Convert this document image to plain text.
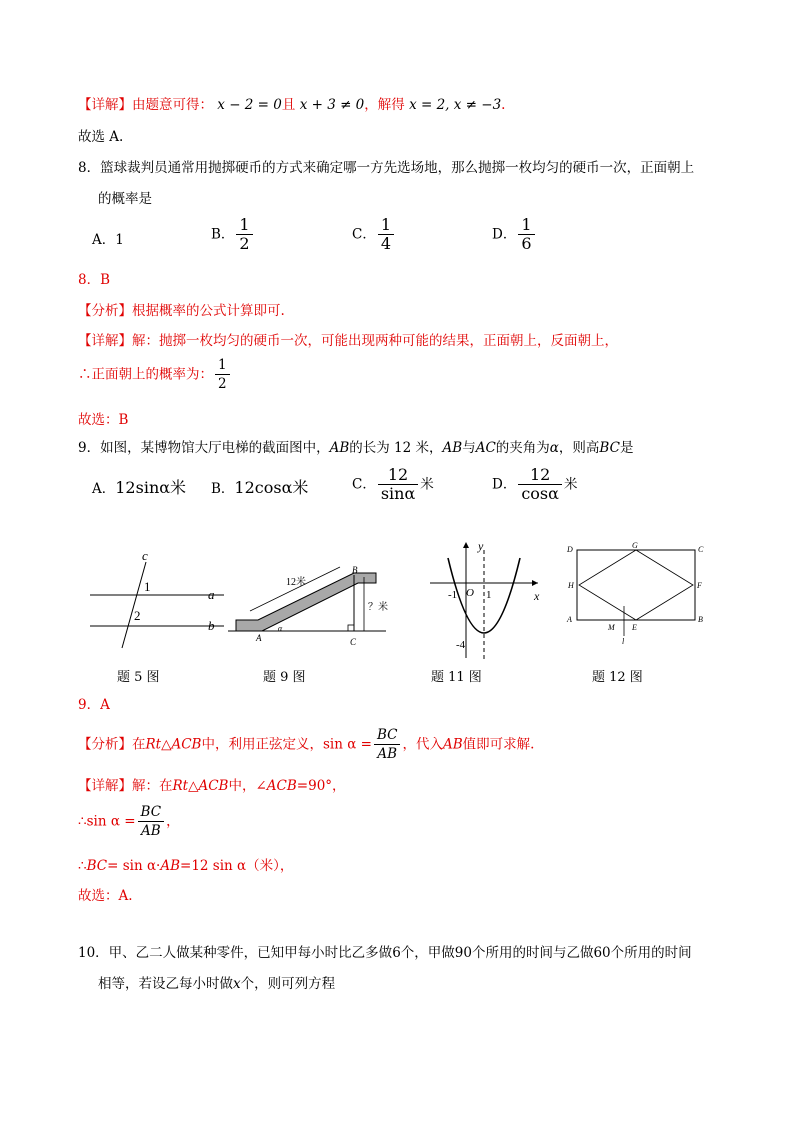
【详解】由题意可得： x − 2 = 0且 x + 3 ≠ 0，解得 x = 2, x ≠ −3.
故选 A.
8．篮球裁判员通常用抛掷硬币的方式来确定哪一方先选场地，那么抛掷一枚均匀的硬币一次，正面朝上
的概率是
A．1	B． $\frac{1}{2}$	C． $\frac{1}{4}$	D． $\frac{1}{6}$
8．B
【分析】根据概率的公式计算即可.
【详解】解：抛掷一枚均匀的硬币一次，可能出现两种可能的结果，正面朝上，反面朝上，
∴正面朝上的概率为： $\frac{1}{2}$
故选：B
9．如图，某博物馆大厅电梯的截面图中，AB的长为 12 米，AB与AC的夹角为α，则高BC是
A．12sinα米 B．12cosα米	C． $\frac{12}{\sin\alpha}$ 米	D． $\frac{12}{\cos\alpha}$ 米
c
1
2
a
b
题 5 图
12米
B
A	C
α
？米
题 9 图
y
x
-1 O 1
-4
题 11 图
D	G	C
H	F
A
M E
B
l
题 12 图
9．A
【分析】在Rt△ACB中，利用正弦定义，$\sin \alpha = \frac{BC}{AB}$ ，代入AB值即可求解.
【详解】解：在Rt△ACB中，∠ACB=90°，
∴sin $\alpha = \frac{BC}{AB}$ ，
∴BC= sin α·AB=12 sin α（米），
故选：A.
10．甲、乙二人做某种零件，已知甲每小时比乙多做6个，甲做90个所用的时间与乙做60个所用的时间
相等，若设乙每小时做x个，则可列方程
